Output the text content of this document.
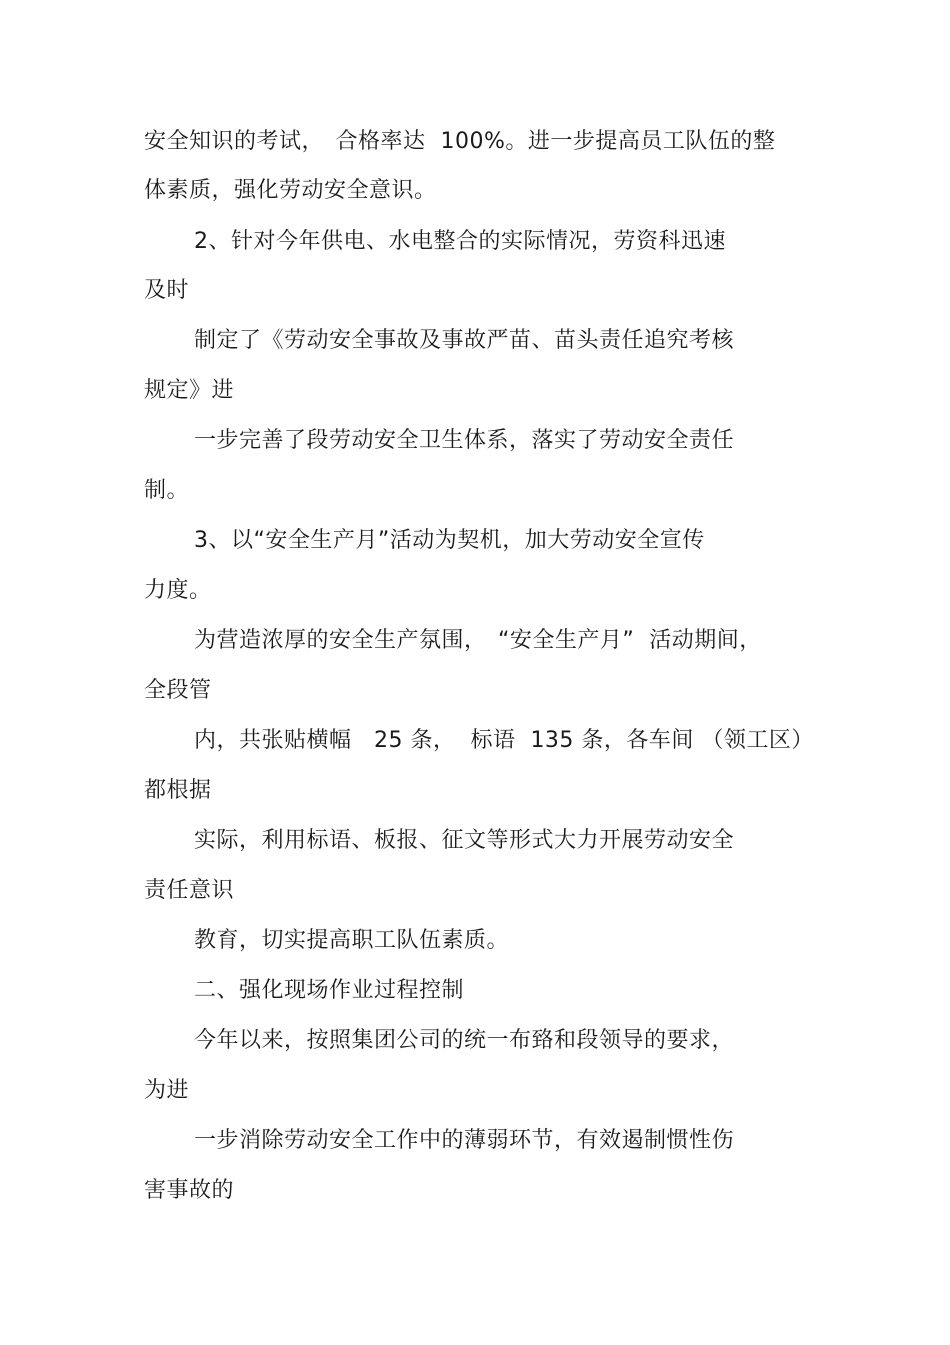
安全知识的考试，　合格率达  100%。进一步提高员工队伍的整
体素质，强化劳动安全意识。
2、针对今年供电、水电整合的实际情况，劳资科迅速
及时
制定了《劳动安全事故及事故严苗、苗头责任追究考核
规定》进
一步完善了段劳动安全卫生体系，落实了劳动安全责任
制。
3、以“安全生产月”活动为契机，加大劳动安全宣传
力度。
为营造浓厚的安全生产氛围，　“安全生产月”  活动期间，
全段管
内，共张贴横幅   25 条，  标语  135 条，各车间 （领工区）
都根据
实际，利用标语、板报、征文等形式大力开展劳动安全
责任意识
教育，切实提高职工队伍素质。
二、强化现场作业过程控制
今年以来，按照集团公司的统一布臵和段领导的要求，
为进
一步消除劳动安全工作中的薄弱环节，有效遏制惯性伤
害事故的
